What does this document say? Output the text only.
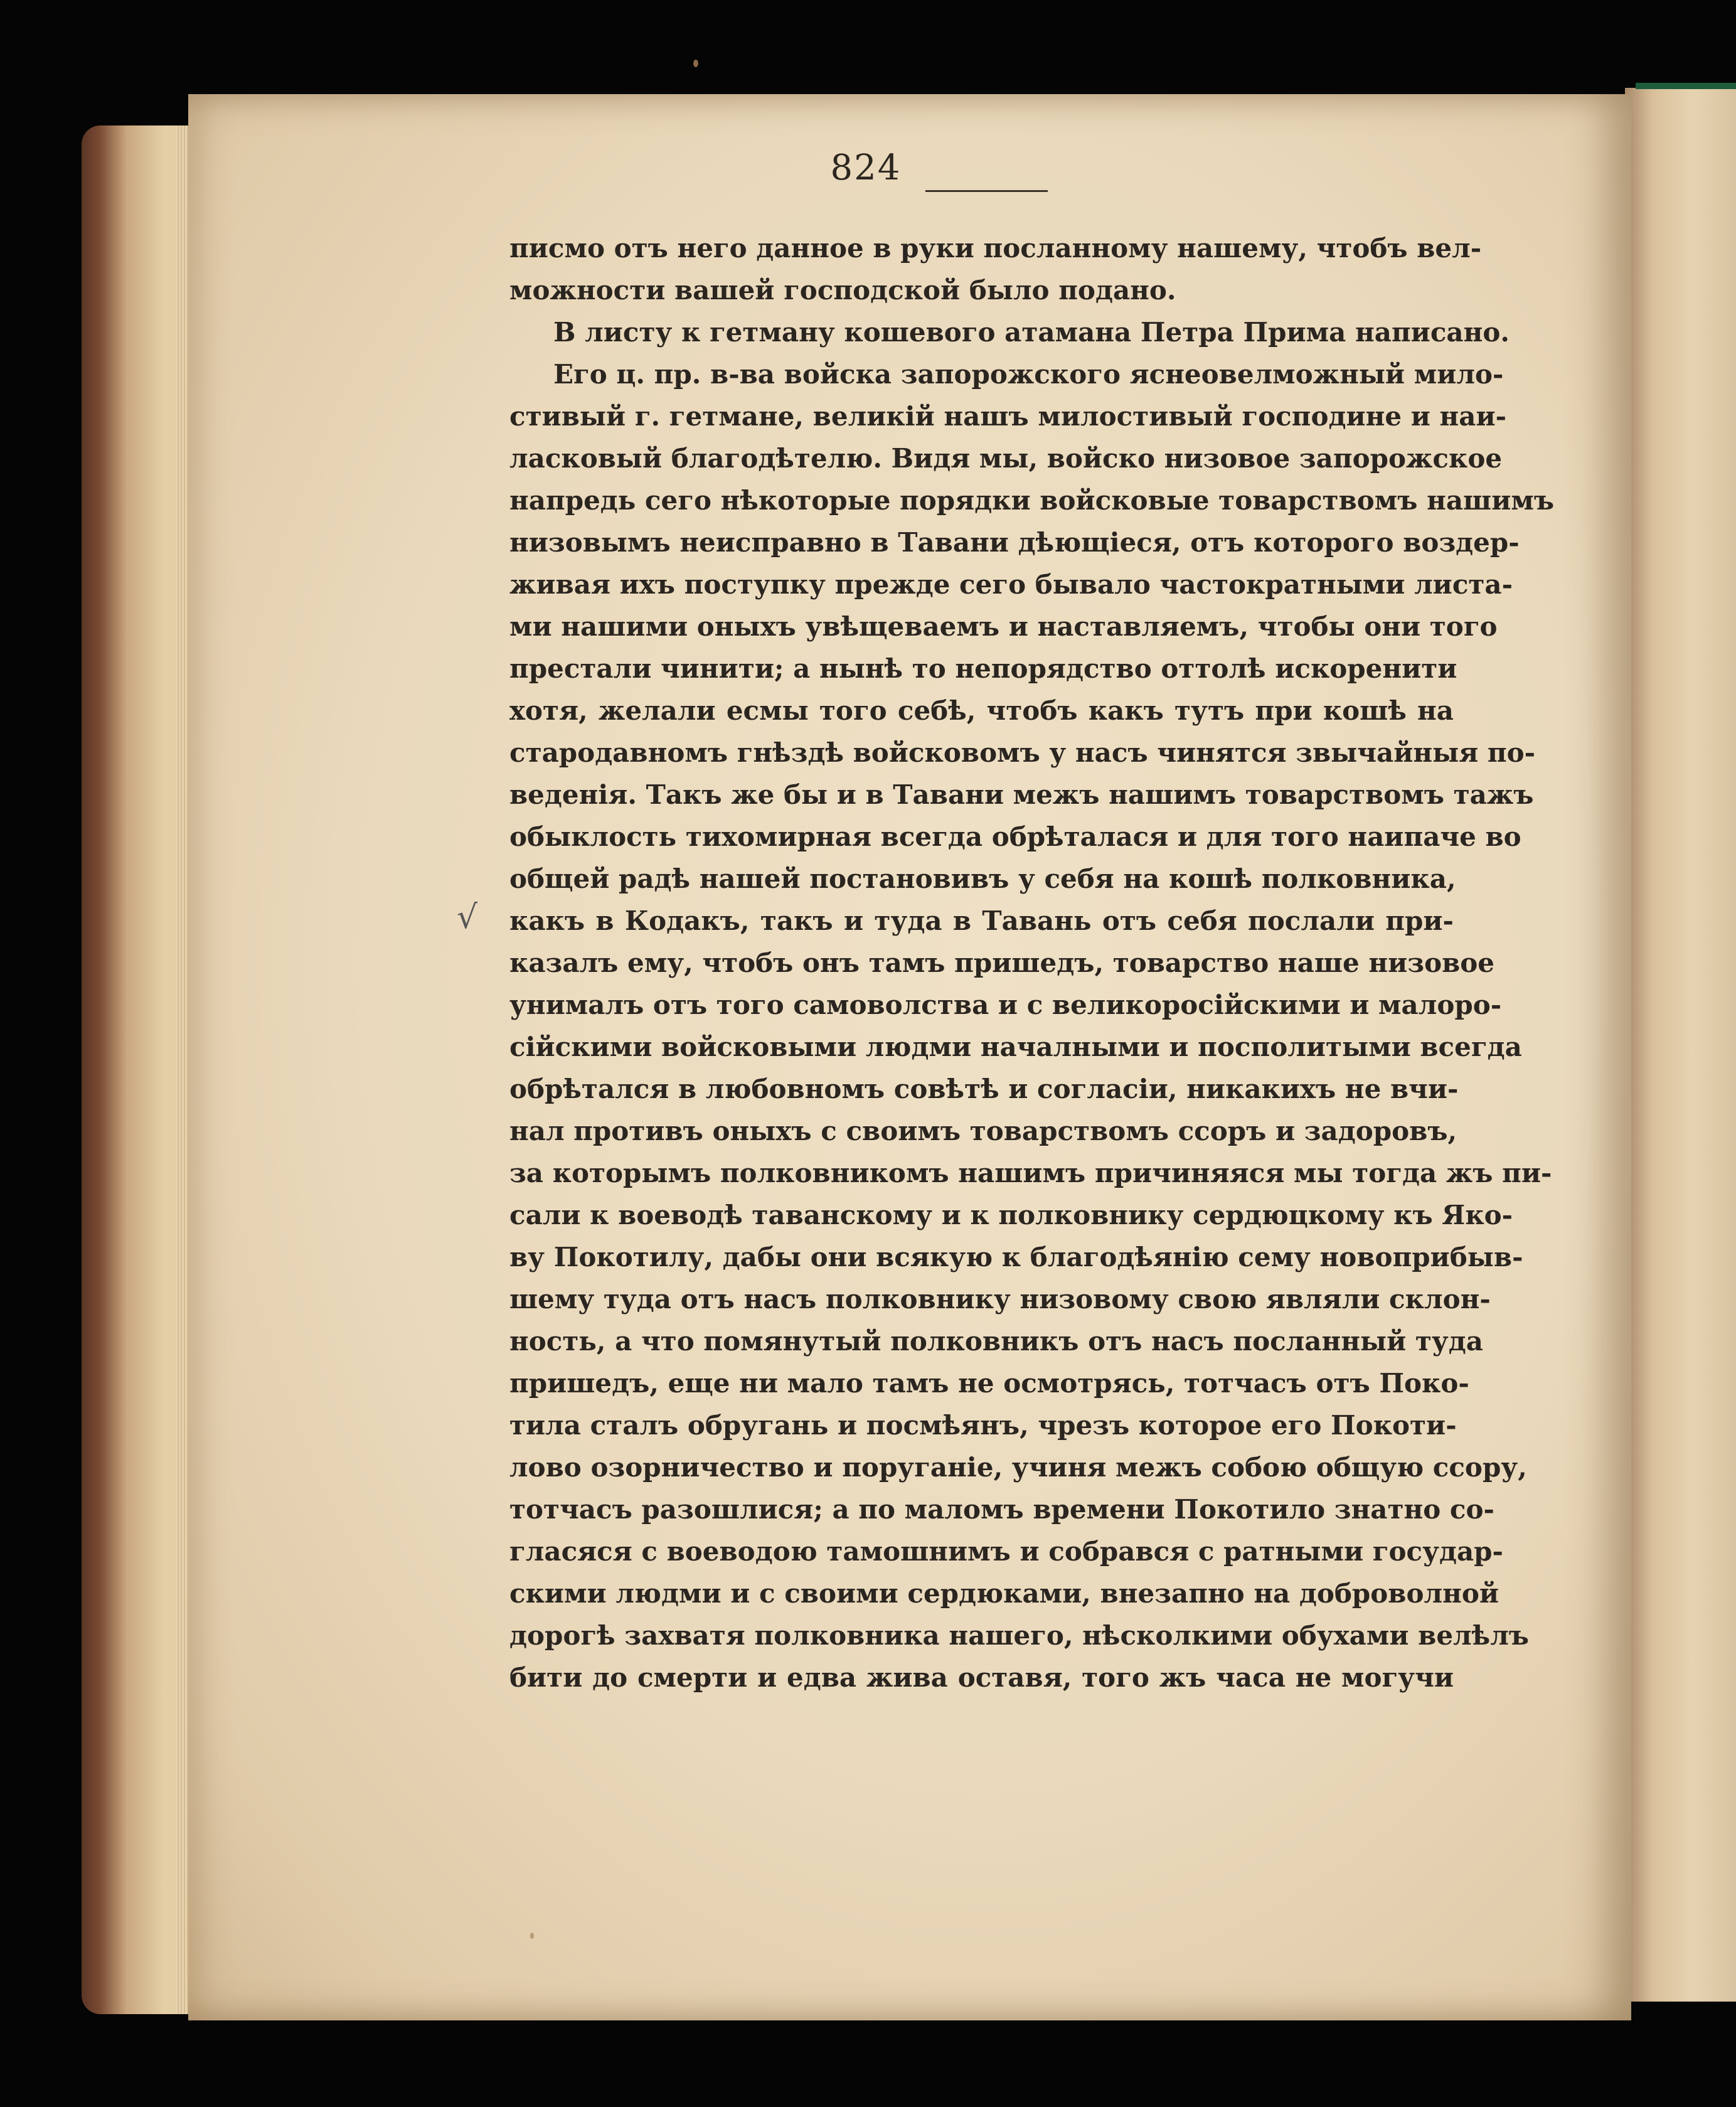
824
√
писмо отъ него данное в руки посланному нашему, чтобъ вел-
можности вашей господской было подано.
В листу к гетману кошевого атамана Петра Прима написано.
Его ц. пр. в-ва войска запорожского яснеовелможный мило-
стивый г. гетмане, великій нашъ милостивый господине и наи-
ласковый благодѣтелю. Видя мы, войско низовое запорожское
напредь сего нѣкоторые порядки войсковые товарствомъ нашимъ
низовымъ неисправно в Тавани дѣющіеся, отъ которого воздер-
живая ихъ поступку прежде сего бывало частократными листа-
ми нашими оныхъ увѣщеваемъ и наставляемъ, чтобы они того
престали чинити; а нынѣ то непорядство оттолѣ искоренити
хотя, желали есмы того себѣ, чтобъ какъ тутъ при кошѣ на
стародавномъ гнѣздѣ войсковомъ у насъ чинятся звычайныя по-
веденія. Такъ же бы и в Тавани межъ нашимъ товарствомъ тажъ
обыклость тихомирная всегда обрѣталася и для того наипаче во
общей радѣ нашей постановивъ у себя на кошѣ полковника,
какъ в Кодакъ, такъ и туда в Тавань отъ себя послали при-
казалъ ему, чтобъ онъ тамъ пришедъ, товарство наше низовое
унималъ отъ того самоволства и с великоросійскими и малоро-
сійскими войсковыми людми началными и посполитыми всегда
обрѣтался в любовномъ совѣтѣ и согласіи, никакихъ не вчи-
нал противъ оныхъ с своимъ товарствомъ ссоръ и задоровъ,
за которымъ полковникомъ нашимъ причиняяся мы тогда жъ пи-
сали к воеводѣ таванскому и к полковнику сердюцкому къ Яко-
ву Покотилу, дабы они всякую к благодѣянію сему новоприбыв-
шему туда отъ насъ полковнику низовому свою являли склон-
ность, а что помянутый полковникъ отъ насъ посланный туда
пришедъ, еще ни мало тамъ не осмотрясь, тотчасъ отъ Поко-
тила сталъ обругань и посмѣянъ, чрезъ которое его Покоти-
лово озорничество и поруганіе, учиня межъ собою общую ссору,
тотчасъ разошлися; а по маломъ времени Покотило знатно со-
гласяся с воеводою тамошнимъ и собрався с ратными государ-
скими людми и с своими сердюками, внезапно на доброволной
дорогѣ захватя полковника нашего, нѣсколкими обухами велѣлъ
бити до смерти и едва жива оставя, того жъ часа не могучи
